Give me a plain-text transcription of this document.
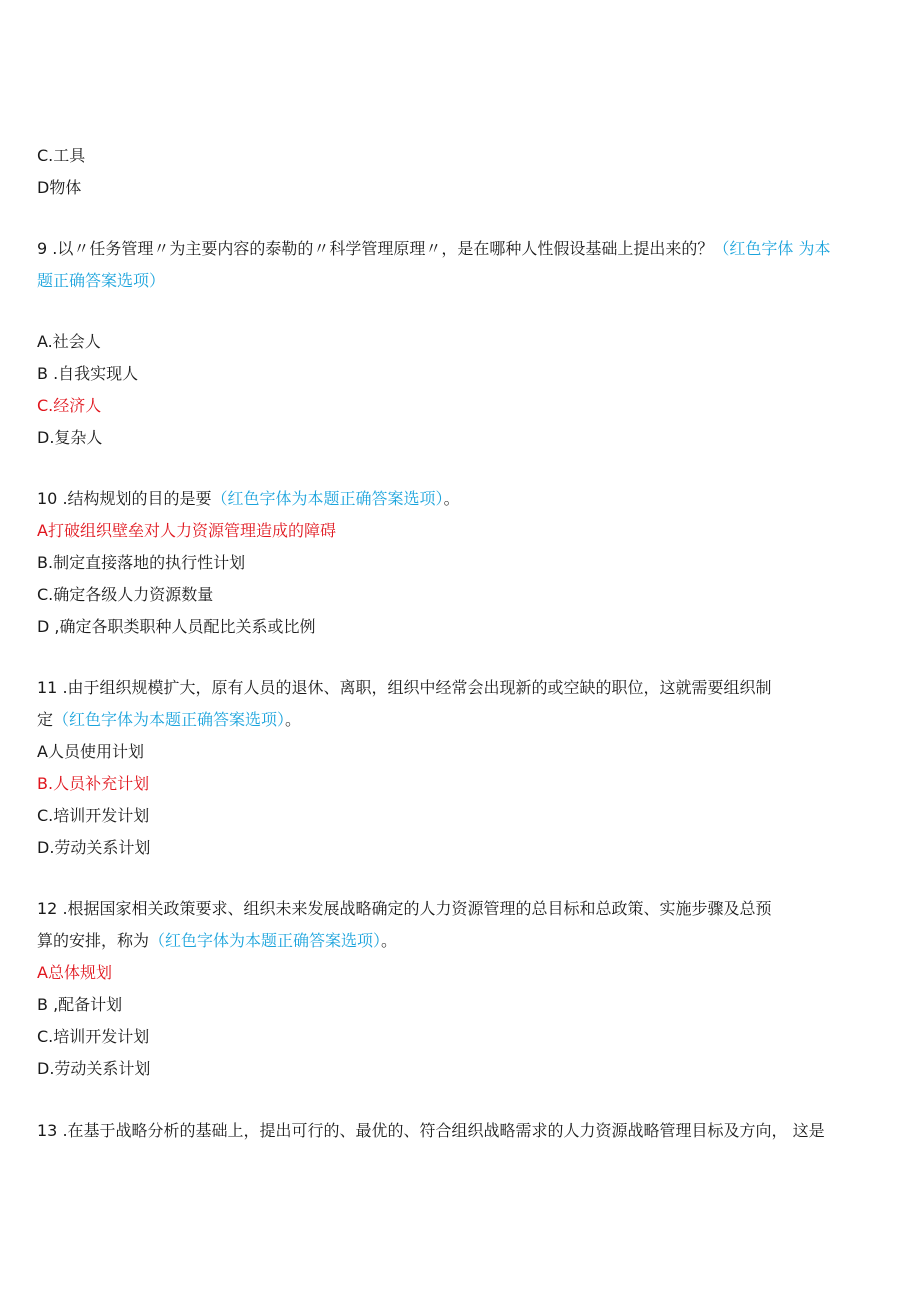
C.工具
D物体
9 .以〃任务管理〃为主要内容的泰勒的〃科学管理原理〃，是在哪种人性假设基础上提出来的？（红色字体 为本
题正确答案选项）
A.社会人
B .自我实现人
C.经济人
D.复杂人
10 .结构规划的目的是要（红色字体为本题正确答案选项）。
A打破组织壁垒对人力资源管理造成的障碍
B.制定直接落地的执行性计划
C.确定各级人力资源数量
D ,确定各职类职种人员配比关系或比例
11 .由于组织规模扩大，原有人员的退休、离职，组织中经常会出现新的或空缺的职位，这就需要组织制
定（红色字体为本题正确答案选项）。
A人员使用计划
B.人员补充计划
C.培训开发计划
D.劳动关系计划
12 .根据国家相关政策要求、组织未来发展战略确定的人力资源管理的总目标和总政策、实施步骤及总预
算的安排，称为（红色字体为本题正确答案选项）。
A总体规划
B ,配备计划
C.培训开发计划
D.劳动关系计划
13 .在基于战略分析的基础上，提出可行的、最优的、符合组织战略需求的人力资源战略管理目标及方向， 这是
